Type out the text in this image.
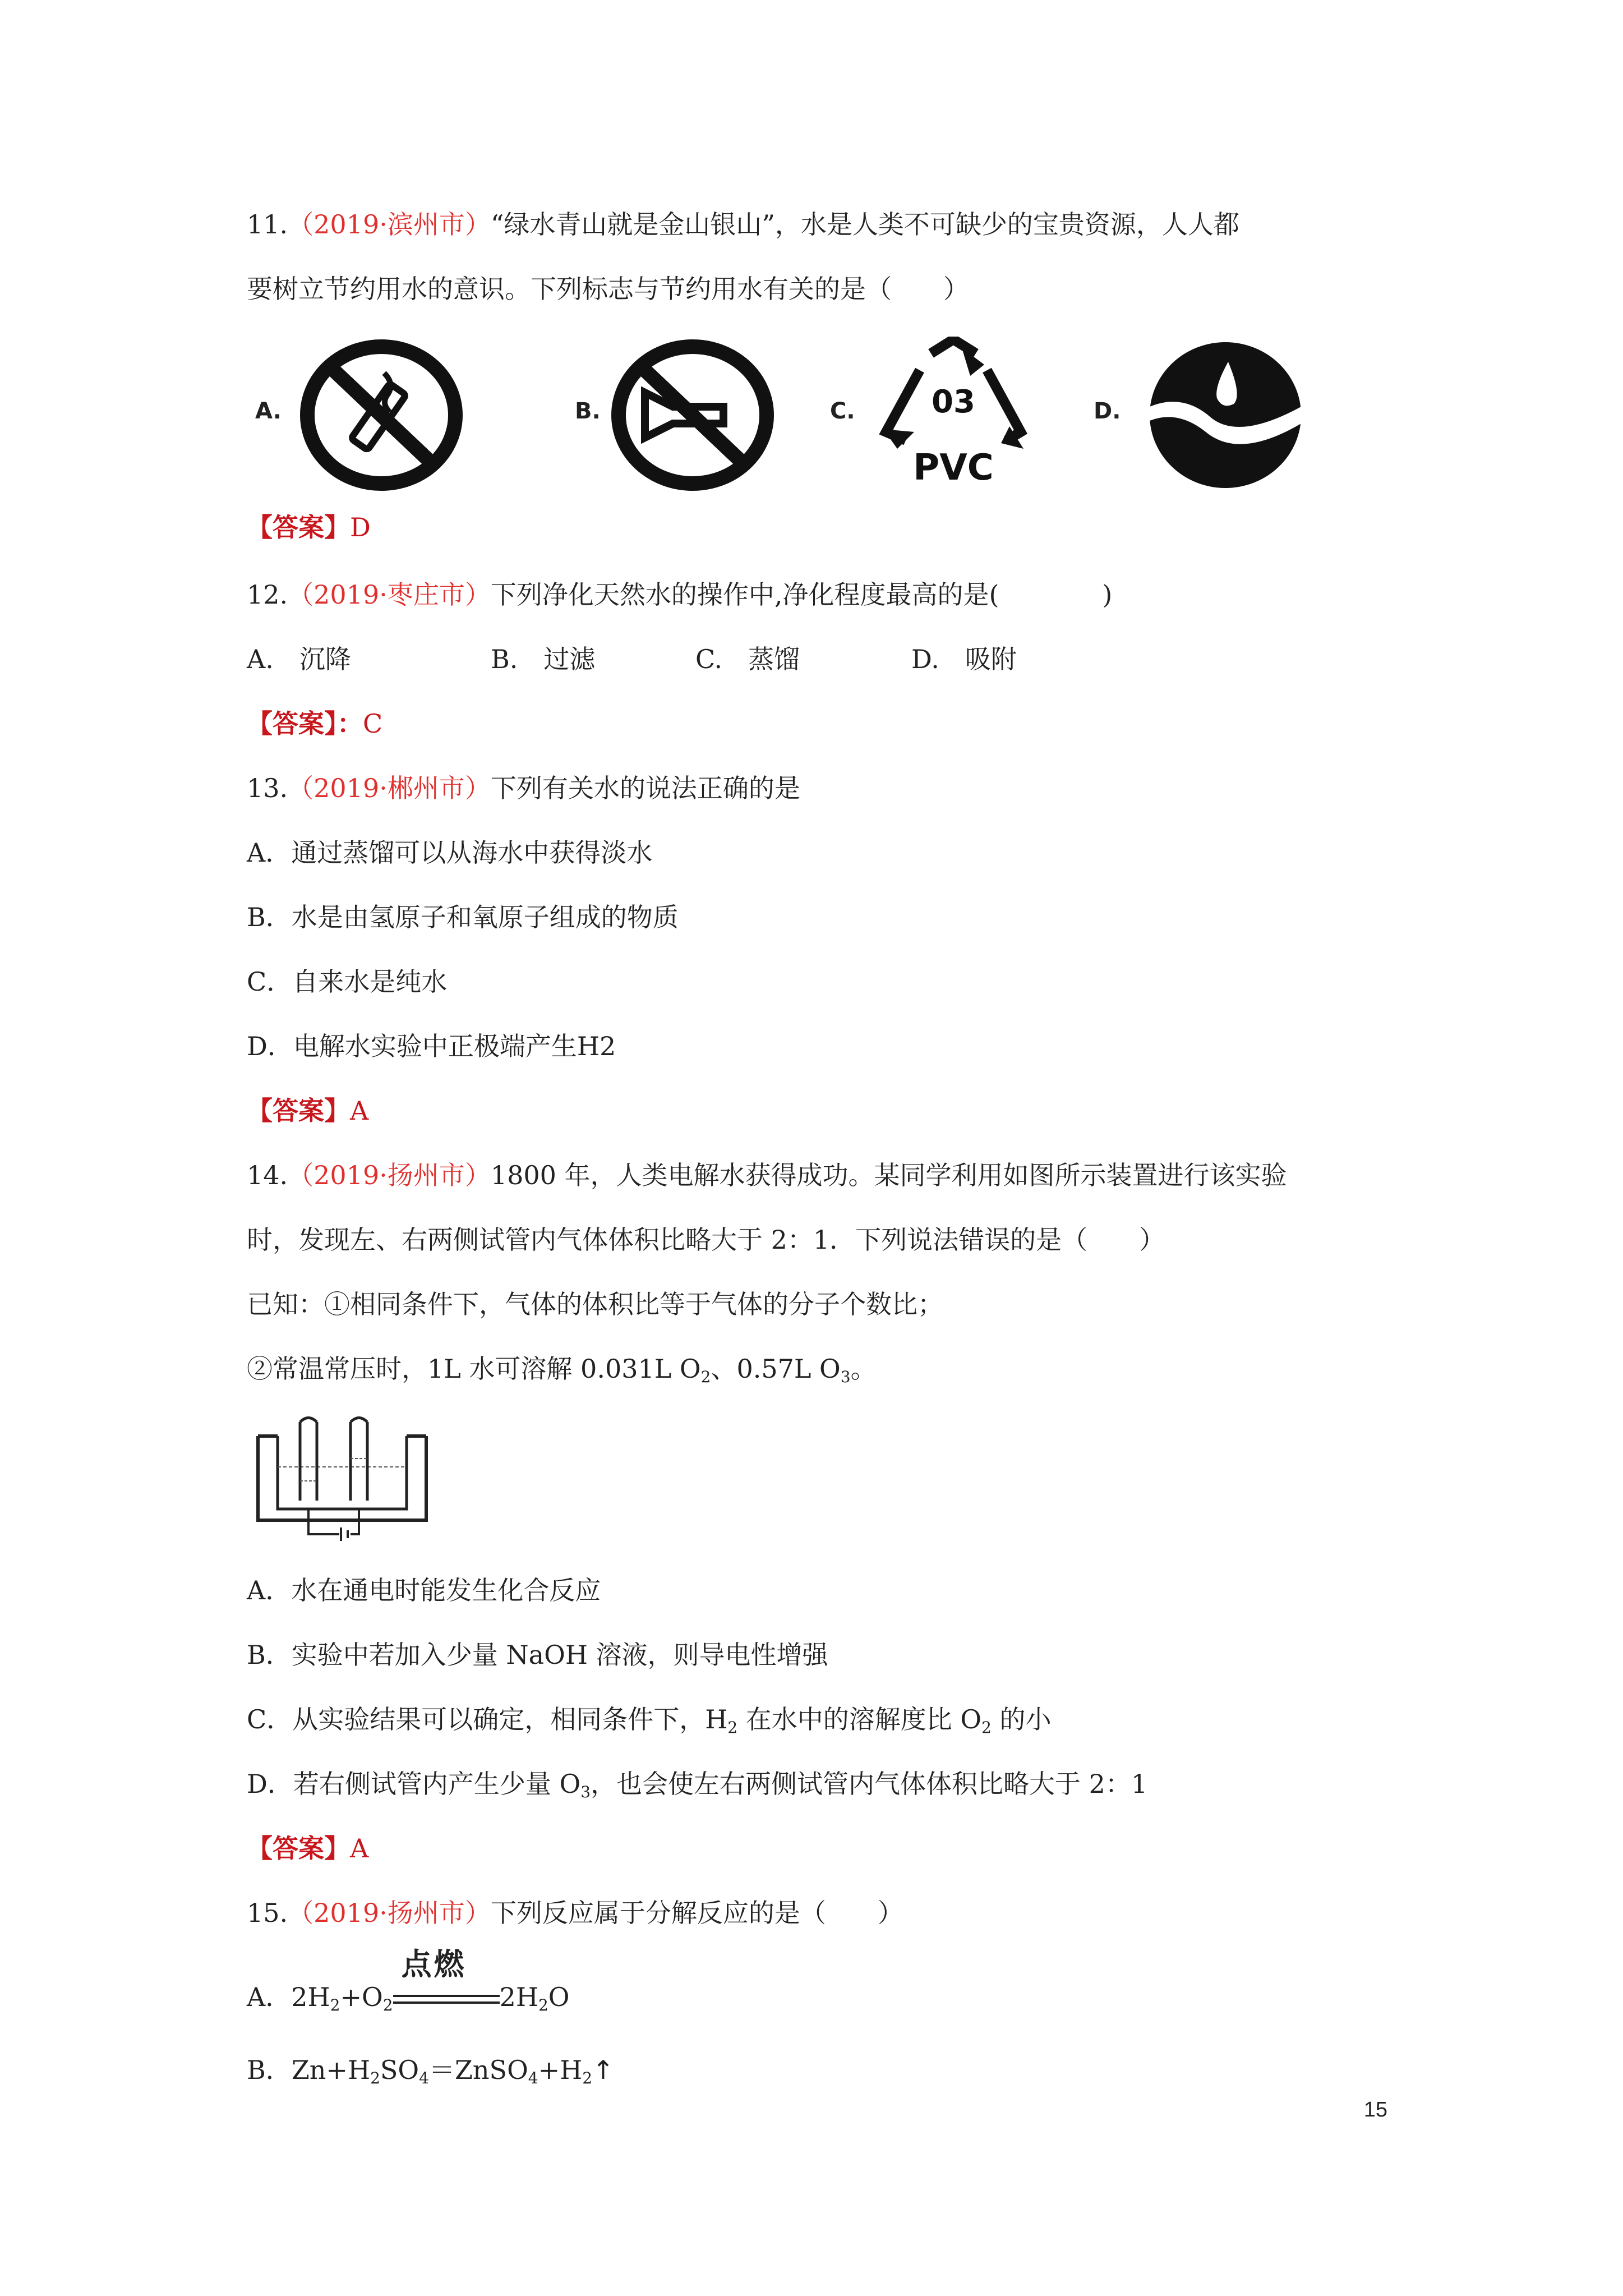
11.（2019·滨州市）“绿水青山就是金山银山”，水是人类不可缺少的宝贵资源，人人都
要树立节约用水的意识。下列标志与节约用水有关的是（　　）
A.	B.	C. 03
PVC
D.
【答案】D
12.（2019·枣庄市）下列净化天然水的操作中,净化程度最高的是(　　　　)
A.　沉降	B.　过滤	C.　蒸馏	D.　吸附
【答案】：C
13.（2019·郴州市）下列有关水的说法正确的是
A．通过蒸馏可以从海水中获得淡水
B．水是由氢原子和氧原子组成的物质
C．自来水是纯水
D．电解水实验中正极端产生H2
【答案】A
14.（2019·扬州市）1800 年，人类电解水获得成功。某同学利用如图所示装置进行该实验
时，发现左、右两侧试管内气体体积比略大于 2：1．下列说法错误的是（　　）
已知：①相同条件下，气体的体积比等于气体的分子个数比；
②常温常压时，1L 水可溶解 0.031L $O_2$、0.57L $O_3$。
A．水在通电时能发生化合反应
B．实验中若加入少量 NaOH 溶液，则导电性增强
C．从实验结果可以确定，相同条件下，$H_2$ 在水中的溶解度比 $O_2$ 的小
D．若右侧试管内产生少量 $O_3$，也会使左右两侧试管内气体体积比略大于 2：1
【答案】A
15.（2019·扬州市）下列反应属于分解反应的是（　　）
A．$2H_2+O_2$
点燃
$2H_2O$
B．$Zn+H_2SO_4=ZnSO_4+H_2↑$
15
